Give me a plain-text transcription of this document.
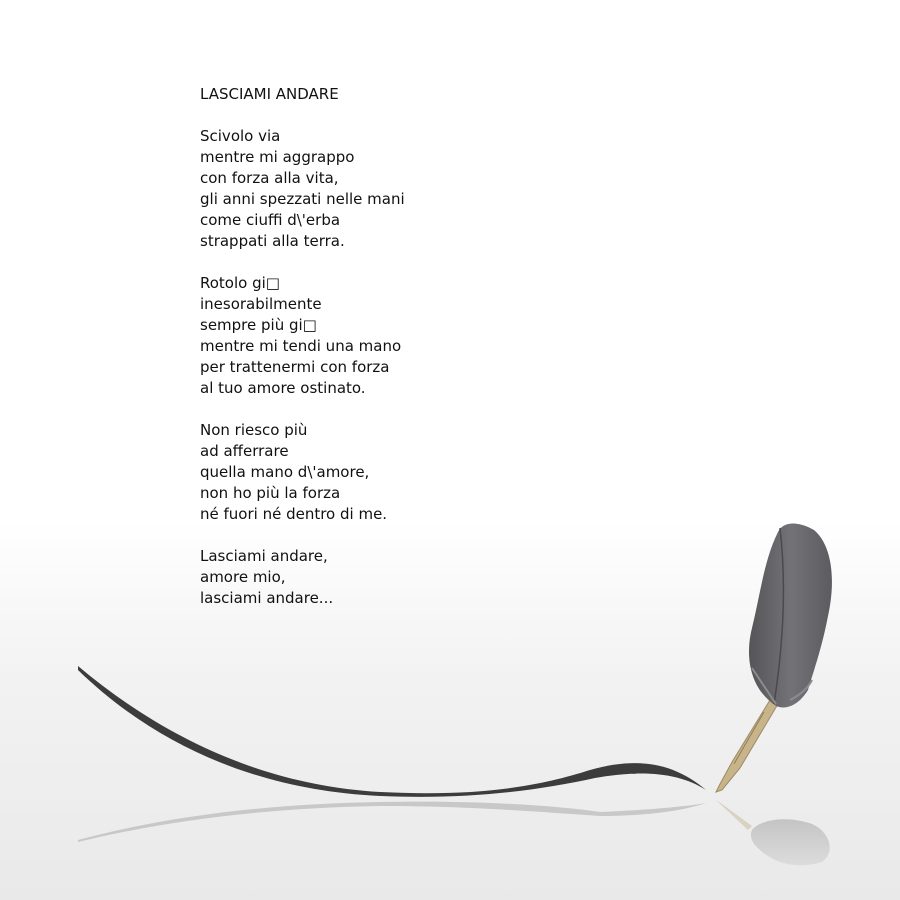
LASCIAMI ANDARE
Scivolo via
mentre mi aggrappo
con forza alla vita,
gli anni spezzati nelle mani
come ciuffi d\'erba
strappati alla terra.
Rotolo gi□
inesorabilmente
sempre più gi□
mentre mi tendi una mano
per trattenermi con forza
al tuo amore ostinato.
Non riesco più
ad afferrare
quella mano d\'amore,
non ho più la forza
né fuori né dentro di me.
Lasciami andare,
amore mio,
lasciami andare...
